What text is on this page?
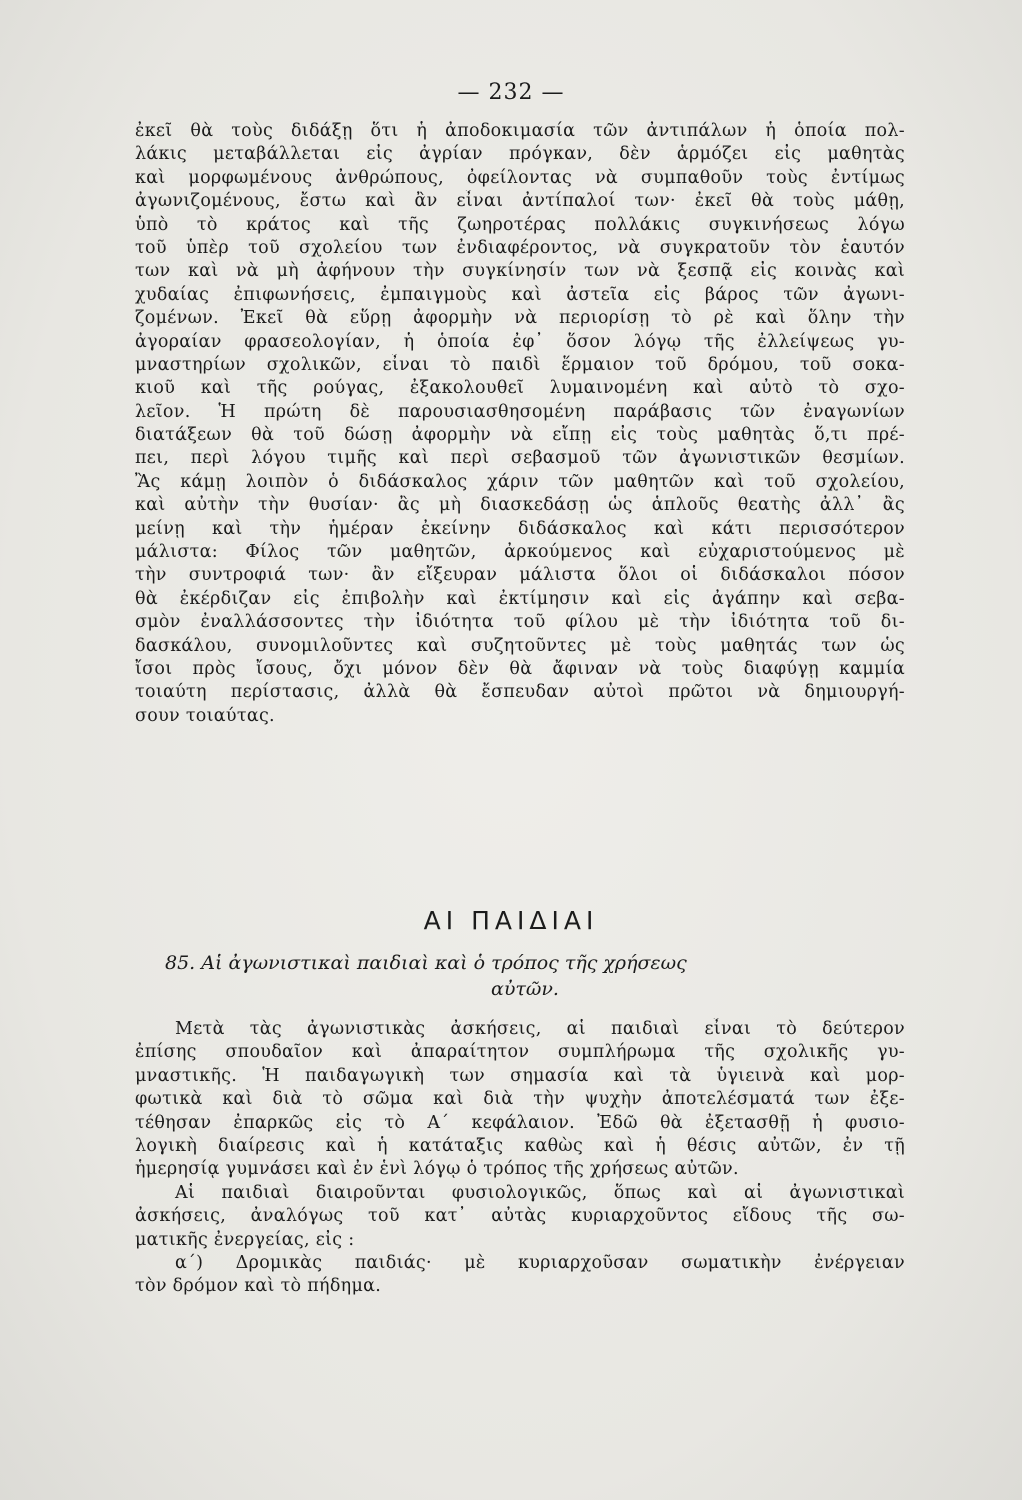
— 232 —
ἐκεῖ θὰ τοὺς διδάξῃ ὅτι ἡ ἀποδοκιμασία τῶν ἀντιπάλων ἡ ὁποία πολ-
λάκις μεταβάλλεται εἰς ἀγρίαν πρόγκαν, δὲν ἁρμόζει εἰς μαθητὰς
καὶ μορφωμένους ἀνθρώπους, ὀφείλοντας νὰ συμπαθοῦν τοὺς ἐντίμως
ἀγωνιζομένους, ἔστω καὶ ἂν εἶναι ἀντίπαλοί των· ἐκεῖ θὰ τοὺς μάθῃ,
ὑπὸ τὸ κράτος καὶ τῆς ζωηροτέρας πολλάκις συγκινήσεως λόγω
τοῦ ὑπὲρ τοῦ σχολείου των ἐνδιαφέροντος, νὰ συγκρατοῦν τὸν ἑαυτόν
των καὶ νὰ μὴ ἀφήνουν τὴν συγκίνησίν των νὰ ξεσπᾷ εἰς κοινὰς καὶ
χυδαίας ἐπιφωνήσεις, ἐμπαιγμοὺς καὶ ἀστεῖα εἰς βάρος τῶν ἀγωνι-
ζομένων. Ἐκεῖ θὰ εὕρῃ ἀφορμὴν νὰ περιορίσῃ τὸ ρὲ καὶ ὅλην τὴν
ἀγοραίαν φρασεολογίαν, ἡ ὁποία ἐφ᾽ ὅσον λόγῳ τῆς ἐλλείψεως γυ-
μναστηρίων σχολικῶν, εἶναι τὸ παιδὶ ἕρμαιον τοῦ δρόμου, τοῦ σοκα-
κιοῦ καὶ τῆς ρούγας, ἐξακολουθεῖ λυμαινομένη καὶ αὐτὸ τὸ σχο-
λεῖον. Ἡ πρώτη δὲ παρουσιασθησομένη παράβασις τῶν ἐναγωνίων
διατάξεων θὰ τοῦ δώσῃ ἀφορμὴν νὰ εἴπῃ εἰς τοὺς μαθητὰς ὅ,τι πρέ-
πει, περὶ λόγου τιμῆς καὶ περὶ σεβασμοῦ τῶν ἀγωνιστικῶν θεσμίων.
Ἂς κάμῃ λοιπὸν ὁ διδάσκαλος χάριν τῶν μαθητῶν καὶ τοῦ σχολείου,
καὶ αὐτὴν τὴν θυσίαν· ἂς μὴ διασκεδάσῃ ὡς ἁπλοῦς θεατὴς ἀλλ᾽ ἂς
μείνῃ καὶ τὴν ἡμέραν ἐκείνην διδάσκαλος καὶ κάτι περισσότερον
μάλιστα: Φίλος τῶν μαθητῶν, ἀρκούμενος καὶ εὐχαριστούμενος μὲ
τὴν συντροφιά των· ἂν εἴξευραν μάλιστα ὅλοι οἱ διδάσκαλοι πόσον
θὰ ἐκέρδιζαν εἰς ἐπιβολὴν καὶ ἐκτίμησιν καὶ εἰς ἀγάπην καὶ σεβα-
σμὸν ἐναλλάσσοντες τὴν ἰδιότητα τοῦ φίλου μὲ τὴν ἰδιότητα τοῦ δι-
δασκάλου, συνομιλοῦντες καὶ συζητοῦντες μὲ τοὺς μαθητάς των ὡς
ἴσοι πρὸς ἴσους, ὄχι μόνον δὲν θὰ ἄφιναν νὰ τοὺς διαφύγῃ καμμία
τοιαύτη περίστασις, ἀλλὰ θὰ ἔσπευδαν αὐτοὶ πρῶτοι νὰ δημιουργή-
σουν τοιαύτας.
ΑΙ ΠΑΙΔΙΑΙ
85. Αἱ ἀγωνιστικαὶ παιδιαὶ καὶ ὁ τρόπος τῆς χρήσεως
αὐτῶν.
Μετὰ τὰς ἀγωνιστικὰς ἀσκήσεις, αἱ παιδιαὶ εἶναι τὸ δεύτερον
ἐπίσης σπουδαῖον καὶ ἀπαραίτητον συμπλήρωμα τῆς σχολικῆς γυ-
μναστικῆς. Ἡ παιδαγωγικὴ των σημασία καὶ τὰ ὑγιεινὰ καὶ μορ-
φωτικὰ καὶ διὰ τὸ σῶμα καὶ διὰ τὴν ψυχὴν ἀποτελέσματά των ἐξε-
τέθησαν ἐπαρκῶς εἰς τὸ Α΄ κεφάλαιον. Ἐδῶ θὰ ἐξετασθῇ ἡ φυσιο-
λογικὴ διαίρεσις καὶ ἡ κατάταξις καθὼς καὶ ἡ θέσις αὐτῶν, ἐν τῇ
ἡμερησίᾳ γυμνάσει καὶ ἐν ἑνὶ λόγῳ ὁ τρόπος τῆς χρήσεως αὐτῶν.
Αἱ παιδιαὶ διαιροῦνται φυσιολογικῶς, ὅπως καὶ αἱ ἀγωνιστικαὶ
ἀσκήσεις, ἀναλόγως τοῦ κατ᾽ αὐτὰς κυριαρχοῦντος εἴδους τῆς σω-
ματικῆς ἐνεργείας, εἰς :
α΄) Δρομικὰς παιδιάς· μὲ κυριαρχοῦσαν σωματικὴν ἐνέργειαν
τὸν δρόμον καὶ τὸ πήδημα.
